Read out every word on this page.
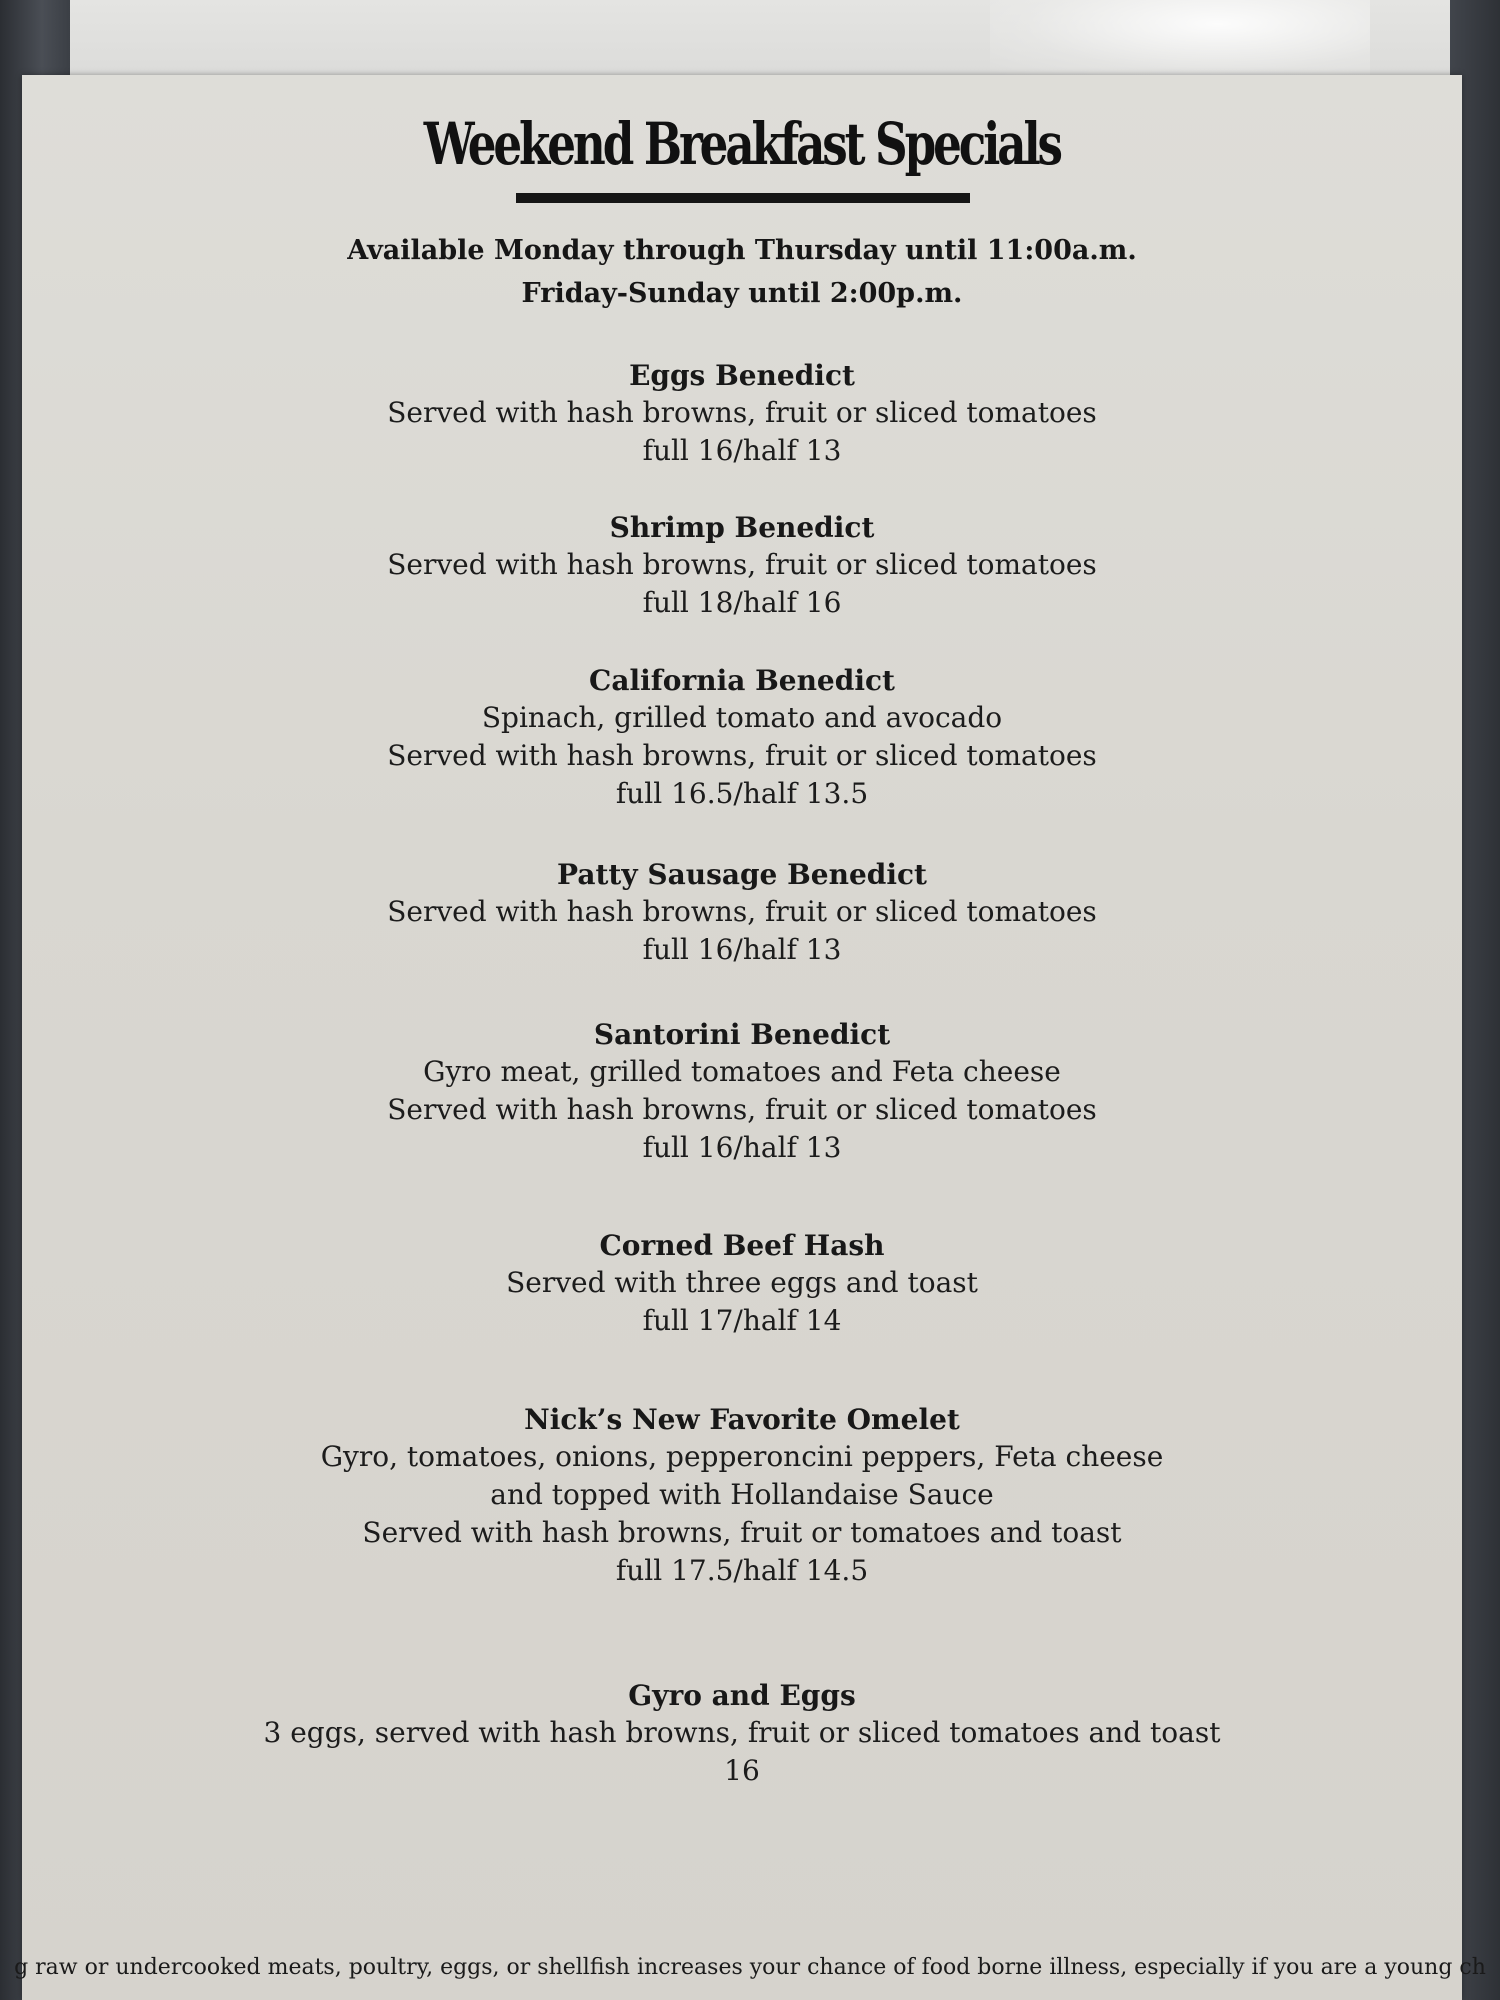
Weekend Breakfast Specials
Available Monday through Thursday until 11:00a.m.
Friday-Sunday until 2:00p.m.
Eggs Benedict
Served with hash browns, fruit or sliced tomatoes
full 16/half 13
Shrimp Benedict
Served with hash browns, fruit or sliced tomatoes
full 18/half 16
California Benedict
Spinach, grilled tomato and avocado
Served with hash browns, fruit or sliced tomatoes
full 16.5/half 13.5
Patty Sausage Benedict
Served with hash browns, fruit or sliced tomatoes
full 16/half 13
Santorini Benedict
Gyro meat, grilled tomatoes and Feta cheese
Served with hash browns, fruit or sliced tomatoes
full 16/half 13
Corned Beef Hash
Served with three eggs and toast
full 17/half 14
Nick’s New Favorite Omelet
Gyro, tomatoes, onions, pepperoncini peppers, Feta cheese
and topped with Hollandaise Sauce
Served with hash browns, fruit or tomatoes and toast
full 17.5/half 14.5
Gyro and Eggs
3 eggs, served with hash browns, fruit or sliced tomatoes and toast
16
g raw or undercooked meats, poultry, eggs, or shellfish increases your chance of food borne illness, especially if you are a young ch
